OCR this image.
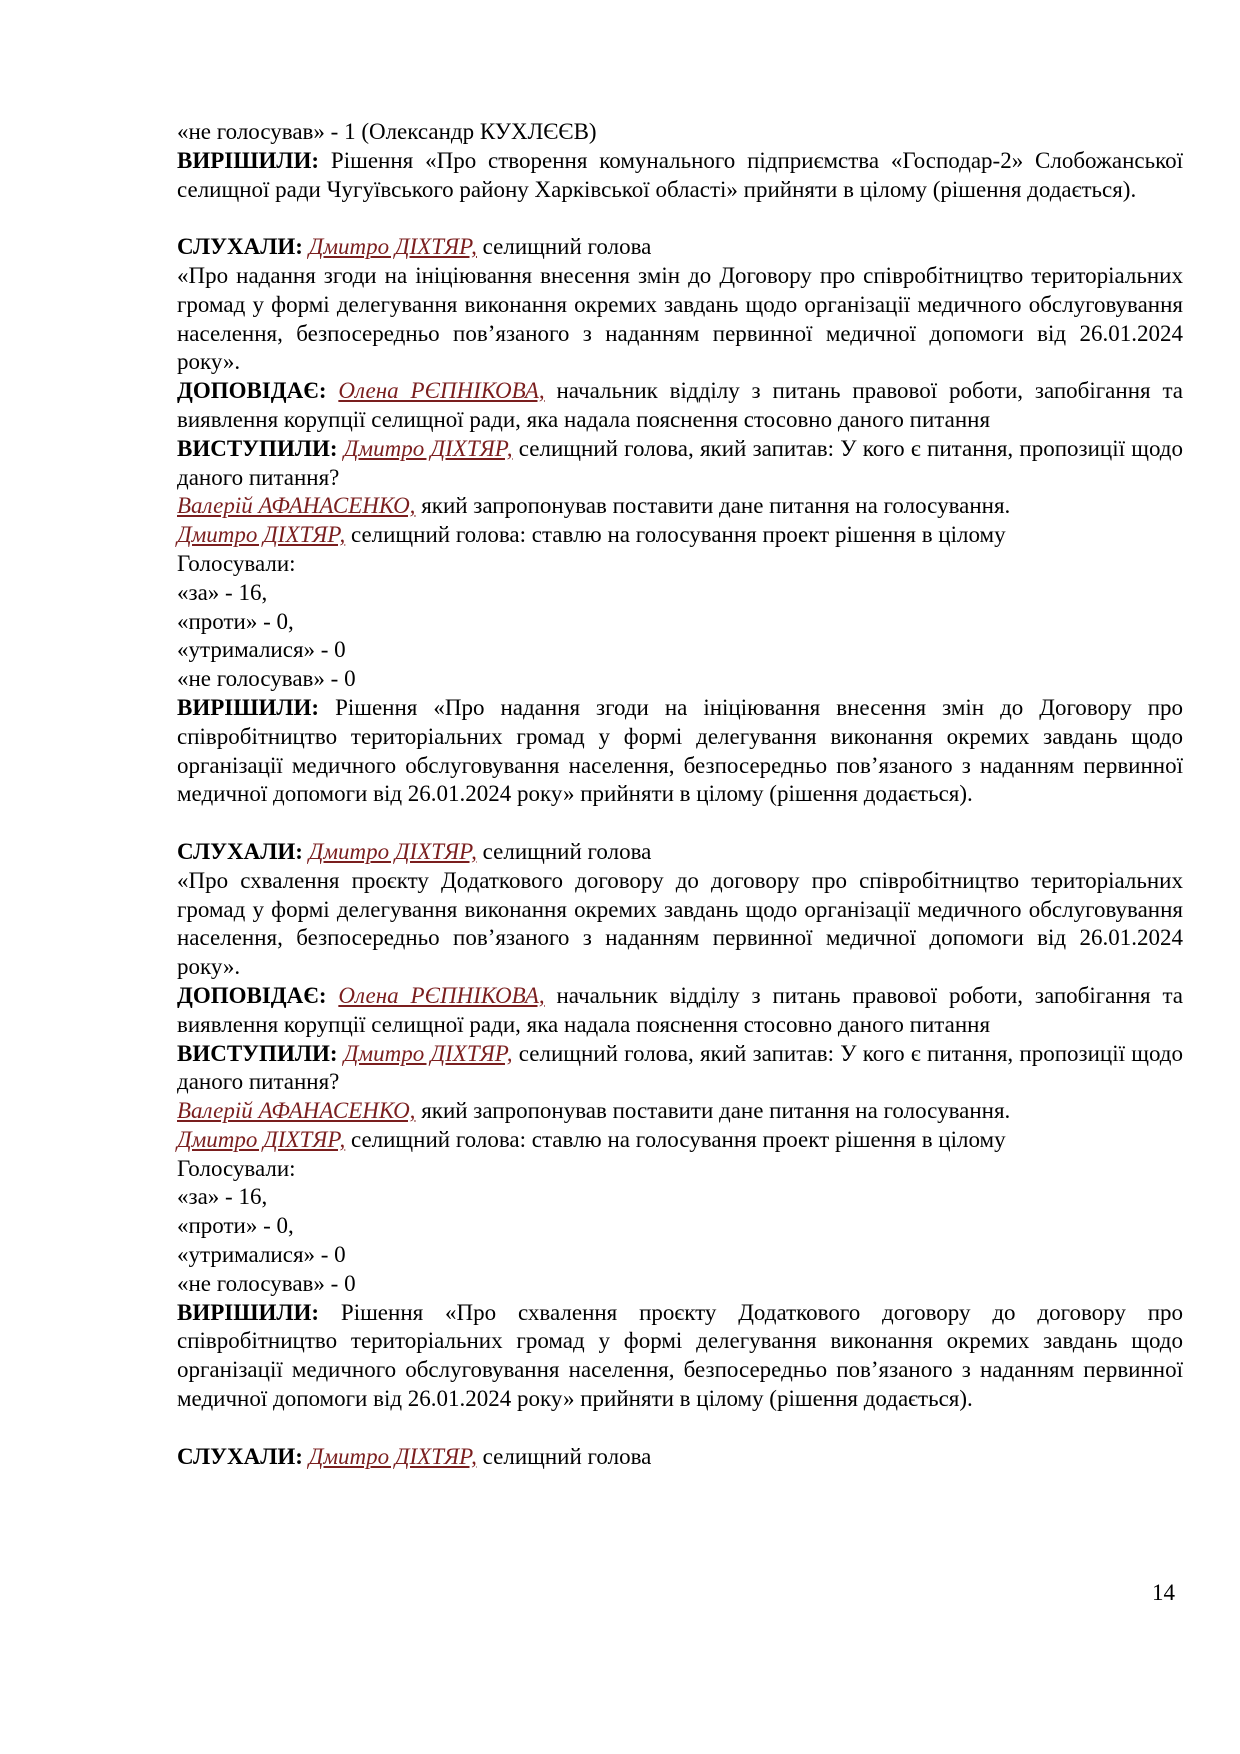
«не голосував» - 1 (Олександр КУХЛЄЄВ)

ВИРІШИЛИ: Рішення «Про створення комунального підприємства «Господар-2» Слобожанської селищної ради Чугуївського району Харківської області» прийняти в цілому (рішення додається).

СЛУХАЛИ: Дмитро ДІХТЯР, селищний голова

«Про надання згоди на ініціювання внесення змін до Договору про співробітництво територіальних громад у формі делегування виконання окремих завдань щодо організації медичного обслуговування населення, безпосередньо пов’язаного з наданням первинної медичної допомоги від 26.01.2024 року».

ДОПОВІДАЄ: Олена РЄПНІКОВА, начальник відділу з питань правової роботи, запобігання та виявлення корупції селищної ради, яка надала пояснення стосовно даного питання

ВИСТУПИЛИ: Дмитро ДІХТЯР, селищний голова, який запитав: У кого є питання, пропозиції щодо даного питання?

Валерій АФАНАСЕНКО, який запропонував поставити дане питання на голосування.

Дмитро ДІХТЯР, селищний голова: ставлю на голосування проект рішення в цілому

Голосували:

«за» - 16,

«проти» - 0,

«утрималися» - 0

«не голосував» - 0

ВИРІШИЛИ: Рішення «Про надання згоди на ініціювання внесення змін до Договору про співробітництво територіальних громад у формі делегування виконання окремих завдань щодо організації медичного обслуговування населення, безпосередньо пов’язаного з наданням первинної медичної допомоги від 26.01.2024 року» прийняти в цілому (рішення додається).

СЛУХАЛИ: Дмитро ДІХТЯР, селищний голова

«Про схвалення проєкту Додаткового договору до договору про співробітництво територіальних громад у формі делегування виконання окремих завдань щодо організації медичного обслуговування населення, безпосередньо пов’язаного з наданням первинної медичної допомоги від 26.01.2024 року».

ДОПОВІДАЄ: Олена РЄПНІКОВА, начальник відділу з питань правової роботи, запобігання та виявлення корупції селищної ради, яка надала пояснення стосовно даного питання

ВИСТУПИЛИ: Дмитро ДІХТЯР, селищний голова, який запитав: У кого є питання, пропозиції щодо даного питання?

Валерій АФАНАСЕНКО, який запропонував поставити дане питання на голосування.

Дмитро ДІХТЯР, селищний голова: ставлю на голосування проект рішення в цілому

Голосували:

«за» - 16,

«проти» - 0,

«утрималися» - 0

«не голосував» - 0

ВИРІШИЛИ: Рішення «Про схвалення проєкту Додаткового договору до договору про співробітництво територіальних громад у формі делегування виконання окремих завдань щодо організації медичного обслуговування населення, безпосередньо пов’язаного з наданням первинної медичної допомоги від 26.01.2024 року» прийняти в цілому (рішення додається).

СЛУХАЛИ: Дмитро ДІХТЯР, селищний голова

14
